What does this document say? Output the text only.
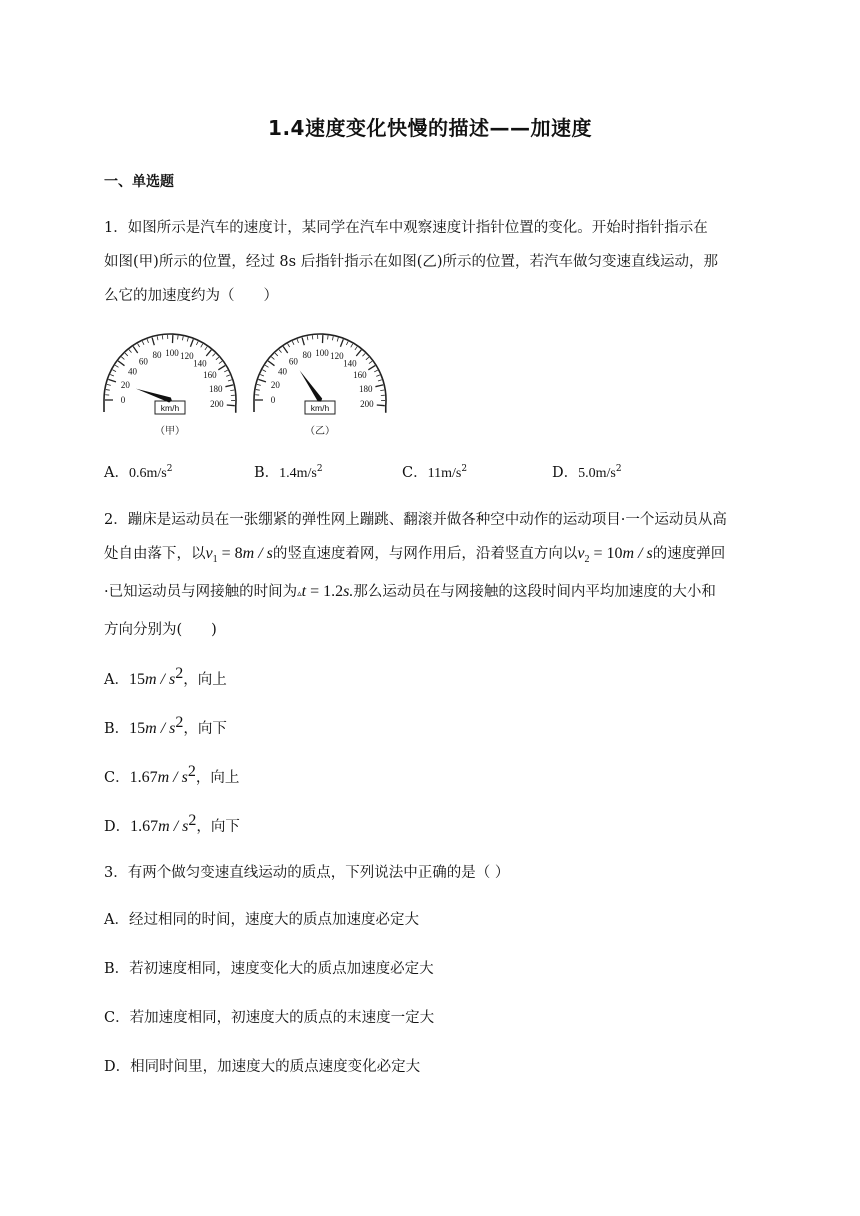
1.4速度变化快慢的描述——加速度
一、单选题
1．如图所示是汽车的速度计，某同学在汽车中观察速度计指针位置的变化。开始时指针指示在
如图(甲)所示的位置，经过 8s 后指针指示在如图(乙)所示的位置，若汽车做匀变速直线运动，那
么它的加速度约为（　　）
0
20
40
60
80 100 120
140
160
180
200
km/h
（甲）
0
20
40
60
80 100 120
140
160
180
200
km/h
（乙）
A．$0.6m/s^2$	B．$1.4m/s^2$	C．$11m/s^2$	D．$5.0m/s^2$
2．蹦床是运动员在一张绷紧的弹性网上蹦跳、翻滚并做各种空中动作的运动项目·一个运动员从高
处自由落下，以$v_1 = 8m / s$的竖直速度着网，与网作用后，沿着竖直方向以$v_2 = 10m / s$的速度弹回
·已知运动员与网接触的时间为▵t = 1.2s.那么运动员在与网接触的这段时间内平均加速度的大小和
方向分别为(　　)
A．$15m / s^2$，向上
B．$15m / s^2$，向下
C．$1.67m / s^2$，向上
D．$1.67m / s^2$，向下
3．有两个做匀变速直线运动的质点，下列说法中正确的是（ ）
A．经过相同的时间，速度大的质点加速度必定大
B．若初速度相同，速度变化大的质点加速度必定大
C．若加速度相同，初速度大的质点的末速度一定大
D．相同时间里，加速度大的质点速度变化必定大
